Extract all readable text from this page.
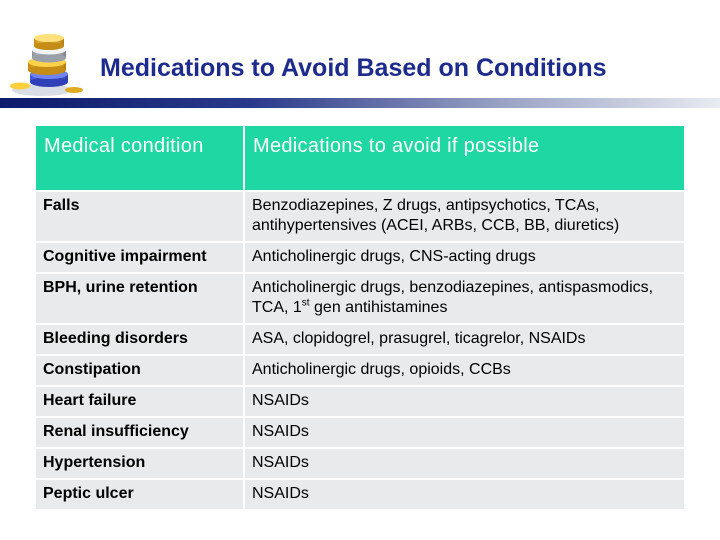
Medications to Avoid Based on Conditions
Medical condition	Medications to avoid if possible
Falls	Benzodiazepines, Z drugs, antipsychotics, TCAs, antihypertensives (ACEI, ARBs, CCB, BB, diuretics)
Cognitive impairment	Anticholinergic drugs, CNS-acting drugs
BPH, urine retention	Anticholinergic drugs, benzodiazepines, antispasmodics, TCA, 1st gen antihistamines
Bleeding disorders	ASA, clopidogrel, prasugrel, ticagrelor, NSAIDs
Constipation	Anticholinergic drugs, opioids, CCBs
Heart failure	NSAIDs
Renal insufficiency	NSAIDs
Hypertension	NSAIDs
Peptic ulcer	NSAIDs
